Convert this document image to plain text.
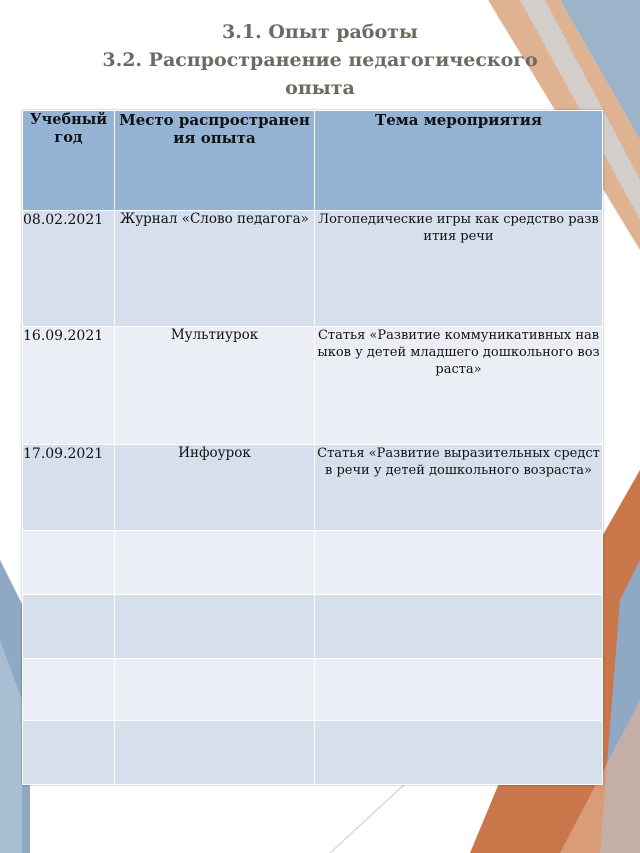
3.1. Опыт работы
3.2. Распространение педагогического
опыта
Учебный год	Место распространения опыта	Тема мероприятия
08.02.2021	Журнал «Слово педагога»	Логопедические игры как средство развития речи
16.09.2021	Мультиурок	Статья «Развитие коммуникативных навыков у детей младшего дошкольного возраста»
17.09.2021	Инфоурок	Статья «Развитие выразительных средств речи у детей дошкольного возраста»
